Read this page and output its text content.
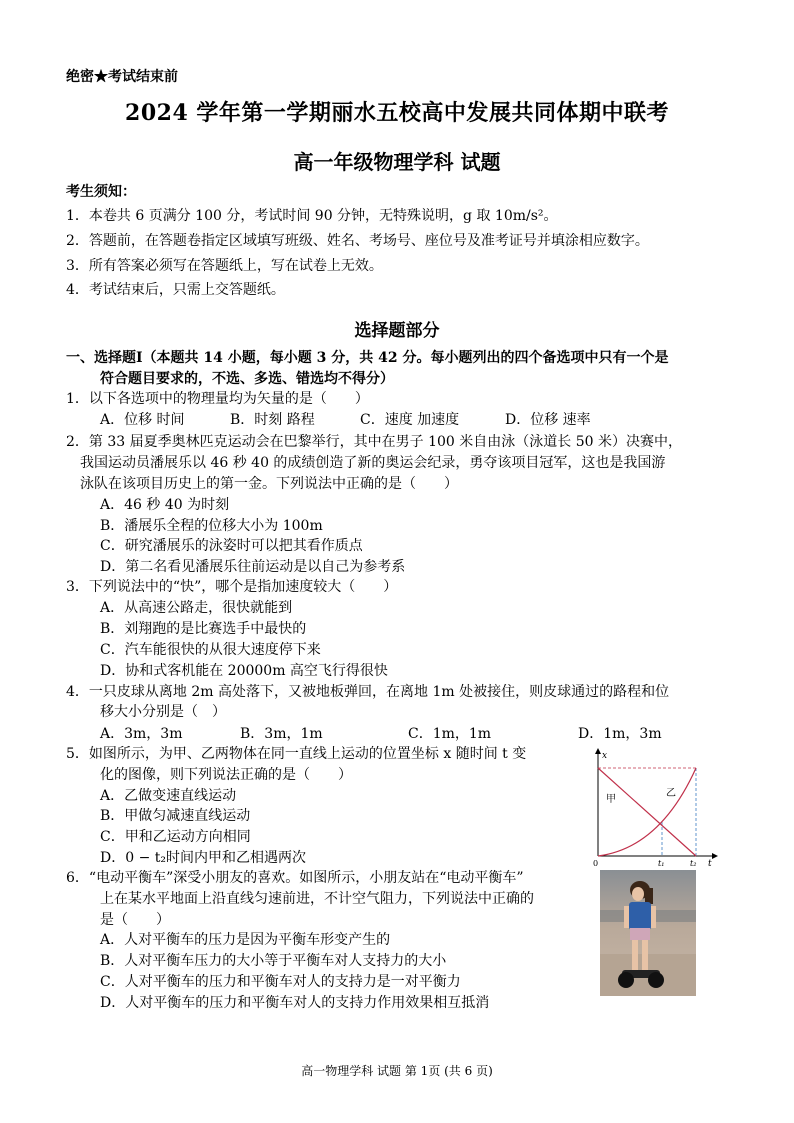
绝密★考试结束前
2024 学年第一学期丽水五校高中发展共同体期中联考
高一年级物理学科 试题
考生须知：
1．本卷共 6 页满分 100 分，考试时间 90 分钟，无特殊说明，g 取 10m/s²。
2．答题前，在答题卷指定区域填写班级、姓名、考场号、座位号及准考证号并填涂相应数字。
3．所有答案必须写在答题纸上，写在试卷上无效。
4．考试结束后，只需上交答题纸。
选择题部分
一、选择题Ⅰ（本题共 14 小题，每小题 3 分，共 42 分。每小题列出的四个备选项中只有一个是
符合题目要求的，不选、多选、错选均不得分）
1．以下各选项中的物理量均为矢量的是（　　）
A．位移 时间	B．时刻 路程	C．速度 加速度	D．位移 速率
2．第 33 届夏季奥林匹克运动会在巴黎举行，其中在男子 100 米自由泳（泳道长 50 米）决赛中，
我国运动员潘展乐以 46 秒 40 的成绩创造了新的奥运会纪录，勇夺该项目冠军，这也是我国游
泳队在该项目历史上的第一金。下列说法中正确的是（　　）
A．46 秒 40 为时刻
B．潘展乐全程的位移大小为 100m
C．研究潘展乐的泳姿时可以把其看作质点
D．第二名看见潘展乐往前运动是以自己为参考系
3．下列说法中的“快”，哪个是指加速度较大（　　）
A．从高速公路走，很快就能到
B．刘翔跑的是比赛选手中最快的
C．汽车能很快的从很大速度停下来
D．协和式客机能在 20000m 高空飞行得很快
4．一只皮球从离地 2m 高处落下，又被地板弹回，在离地 1m 处被接住，则皮球通过的路程和位
移大小分别是（　）
A．3m，3m	B．3m，1m	C．1m，1m	D．1m，3m
5．如图所示，为甲、乙两物体在同一直线上运动的位置坐标 x 随时间 t 变
化的图像，则下列说法正确的是（　　）
A．乙做变速直线运动
B．甲做匀减速直线运动
C．甲和乙运动方向相同
D．0 − t₂时间内甲和乙相遇两次
x
t
0	t₁	t₂
甲
乙
6．“电动平衡车”深受小朋友的喜欢。如图所示，小朋友站在“电动平衡车”
上在某水平地面上沿直线匀速前进，不计空气阻力，下列说法中正确的
是（　　）
A．人对平衡车的压力是因为平衡车形变产生的
B．人对平衡车压力的大小等于平衡车对人支持力的大小
C．人对平衡车的压力和平衡车对人的支持力是一对平衡力
D．人对平衡车的压力和平衡车对人的支持力作用效果相互抵消
高一物理学科 试题 第 1页 (共 6 页)
